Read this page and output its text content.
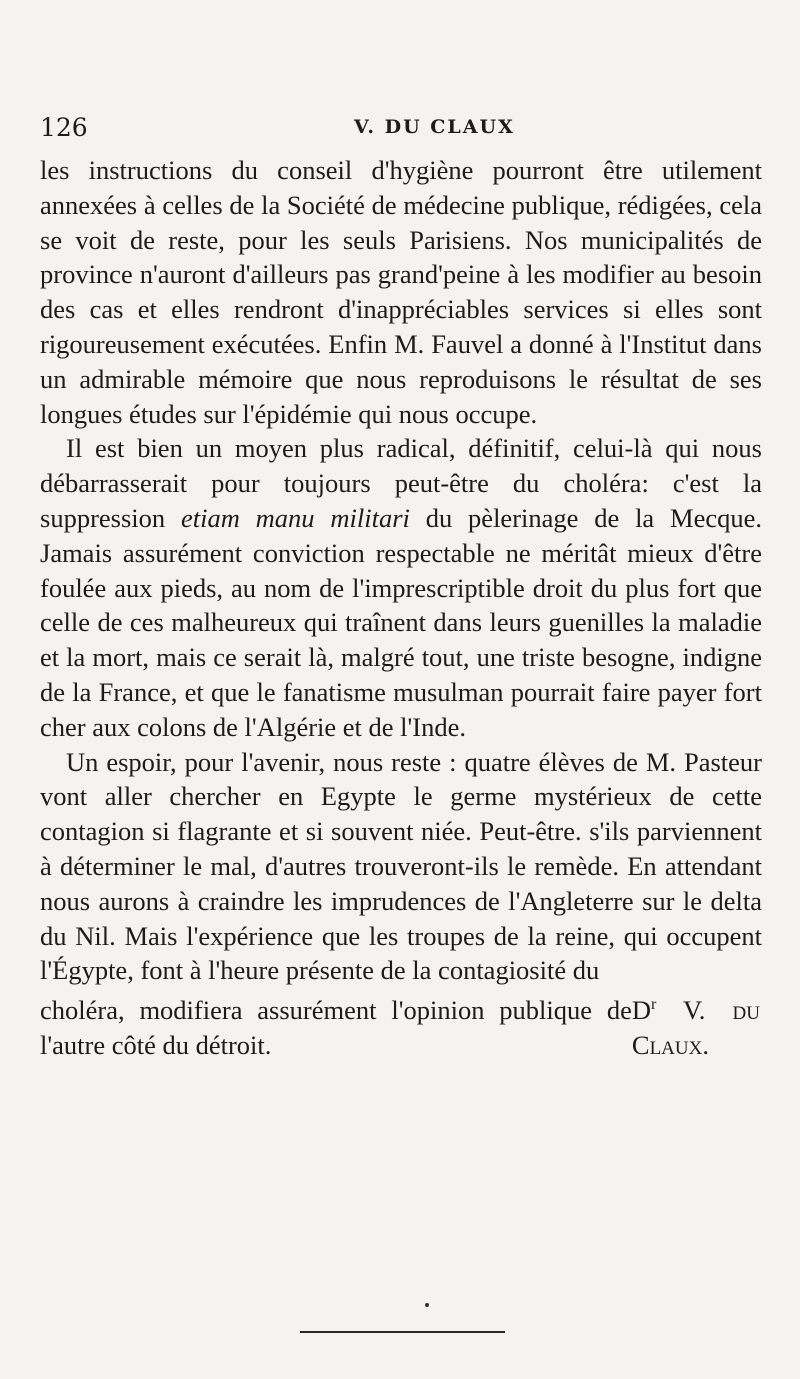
126	V. DU CLAUX

les instructions du conseil d'hygiène pourront être utilement annexées à celles de la Société de médecine publique, rédigées, cela se voit de reste, pour les seuls Parisiens. Nos municipalités de province n'auront d'ailleurs pas grand'peine à les modifier au besoin des cas et elles rendront d'inappréciables services si elles sont rigoureusement exécutées. Enfin M. Fauvel a donné à l'Institut dans un admirable mémoire que nous reproduisons le résultat de ses longues études sur l'épidémie qui nous occupe.

Il est bien un moyen plus radical, définitif, celui-là qui nous débarrasserait pour toujours peut-être du choléra: c'est la suppression etiam manu militari du pèlerinage de la Mecque. Jamais assurément conviction respectable ne méritât mieux d'être foulée aux pieds, au nom de l'imprescriptible droit du plus fort que celle de ces malheureux qui traînent dans leurs guenilles la maladie et la mort, mais ce serait là, malgré tout, une triste besogne, indigne de la France, et que le fanatisme musulman pourrait faire payer fort cher aux colons de l'Algérie et de l'Inde.

Un espoir, pour l'avenir, nous reste : quatre élèves de M. Pasteur vont aller chercher en Egypte le germe mystérieux de cette contagion si flagrante et si souvent niée. Peut-être. s'ils parviennent à déterminer le mal, d'autres trouveront-ils le remède. En attendant nous aurons à craindre les imprudences de l'Angleterre sur le delta du Nil. Mais l'expérience que les troupes de la reine, qui occupent l'Égypte, font à l'heure présente de la contagiosité du

choléra, modifiera assurément l'opinion publique de l'autre côté du détroit.
$D^r$ V. du Claux.
